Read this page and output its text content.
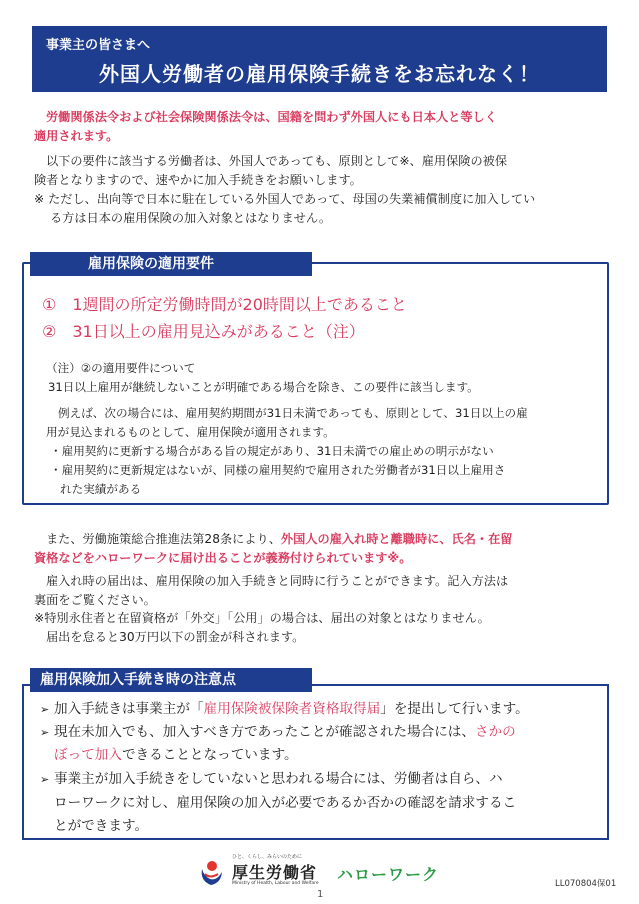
事業主の皆さまへ
外国人労働者の雇用保険手続きをお忘れなく！
労働関係法令および社会保険関係法令は、国籍を問わず外国人にも日本人と等しく
適用されます。
以下の要件に該当する労働者は、外国人であっても、原則として※、雇用保険の被保
険者となりますので、速やかに加入手続きをお願いします。
※ ただし、出向等で日本に駐在している外国人であって、母国の失業補償制度に加入してい
る方は日本の雇用保険の加入対象とはなりません。
雇用保険の適用要件
①　1週間の所定労働時間が20時間以上であること
②　31日以上の雇用見込みがあること（注）
（注）②の適用要件について
31日以上雇用が継続しないことが明確である場合を除き、この要件に該当します。
例えば、次の場合には、雇用契約期間が31日未満であっても、原則として、31日以上の雇
用が見込まれるものとして、雇用保険が適用されます。
・雇用契約に更新する場合がある旨の規定があり、31日未満での雇止めの明示がない
・雇用契約に更新規定はないが、同様の雇用契約で雇用された労働者が31日以上雇用さ
れた実績がある
また、労働施策総合推進法第28条により、外国人の雇入れ時と離職時に、氏名・在留
資格などをハローワークに届け出ることが義務付けられています※。
雇入れ時の届出は、雇用保険の加入手続きと同時に行うことができます。記入方法は
裏面をご覧ください。
※特別永住者と在留資格が「外交」「公用」の場合は、届出の対象とはなりません。
届出を怠ると30万円以下の罰金が科されます。
雇用保険加入手続き時の注意点
➢ 加入手続きは事業主が「雇用保険被保険者資格取得届」を提出して行います。
➢ 現在未加入でも、加入すべき方であったことが確認された場合には、さかの
ぼって加入できることとなっています。
➢ 事業主が加入手続きをしていないと思われる場合には、労働者は自ら、ハ
ローワークに対し、雇用保険の加入が必要であるか否かの確認を請求するこ
とができます。
ひと、くらし、みらいのために
厚生労働省
Ministry of Health, Labour and Welfare ハローワーク
1
LL070804保01
